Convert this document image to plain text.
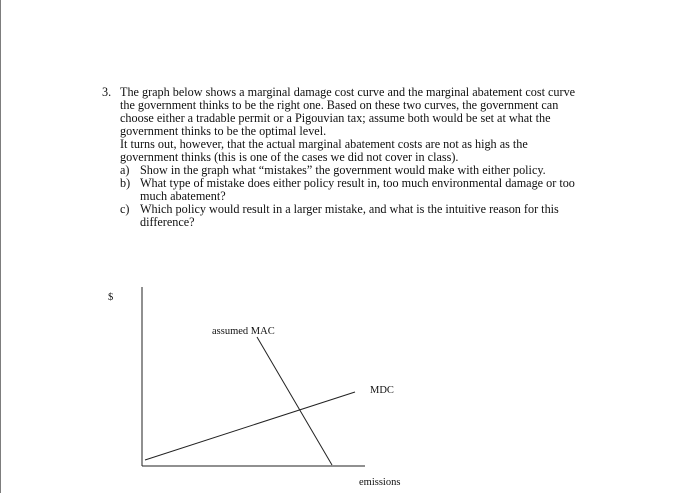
3. The graph below shows a marginal damage cost curve and the marginal abatement cost curve the government thinks to be the right one. Based on these two curves, the government can choose either a tradable permit or a Pigouvian tax; assume both would be set at what the government thinks to be the optimal level.

It turns out, however, that the actual marginal abatement costs are not as high as the government thinks (this is one of the cases we did not cover in class).

a) Show in the graph what “mistakes” the government would make with either policy.
b) What type of mistake does either policy result in, too much environmental damage or too much abatement?
c) Which policy would result in a larger mistake, and what is the intuitive reason for this difference?
$
assumed MAC
MDC
emissions
